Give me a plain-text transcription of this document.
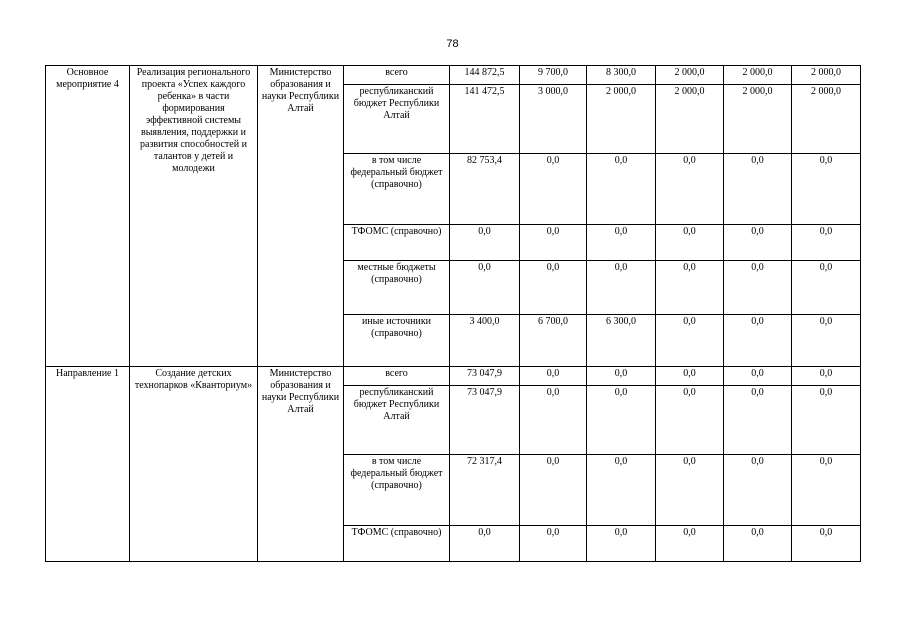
78
Основное мероприятие 4	Реализация регионального проекта «Успех каждого ребенка» в части формирования эффективной системы выявления, поддержки и развития способностей и талантов у детей и молодежи	Министерство образования и науки Республики Алтай	всего	144 872,5	9 700,0	8 300,0	2 000,0	2 000,0	2 000,0
			республиканский бюджет Республики Алтай	141 472,5	3 000,0	2 000,0	2 000,0	2 000,0	2 000,0
			в том числе федеральный бюджет (справочно)	82 753,4	0,0	0,0	0,0	0,0	0,0
			ТФОМС (справочно)	0,0	0,0	0,0	0,0	0,0	0,0
			местные бюджеты (справочно)	0,0	0,0	0,0	0,0	0,0	0,0
			иные источники (справочно)	3 400,0	6 700,0	6 300,0	0,0	0,0	0,0
Направление 1	Создание детских технопарков «Кванториум»	Министерство образования и науки Республики Алтай	всего	73 047,9	0,0	0,0	0,0	0,0	0,0
			республиканский бюджет Республики Алтай	73 047,9	0,0	0,0	0,0	0,0	0,0
			в том числе федеральный бюджет (справочно)	72 317,4	0,0	0,0	0,0	0,0	0,0
			ТФОМС (справочно)	0,0	0,0	0,0	0,0	0,0	0,0
